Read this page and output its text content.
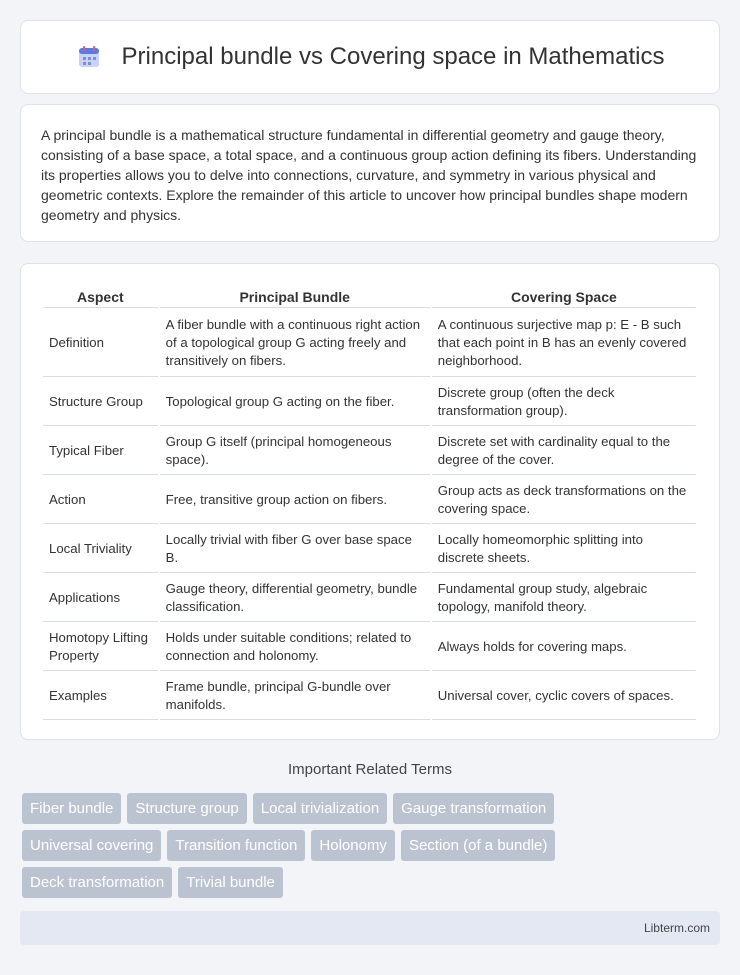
Principal bundle vs Covering space in Mathematics

A principal bundle is a mathematical structure fundamental in differential geometry and gauge theory, consisting of a base space, a total space, and a continuous group action defining its fibers. Understanding its properties allows you to delve into connections, curvature, and symmetry in various physical and geometric contexts. Explore the remainder of this article to uncover how principal bundles shape modern geometry and physics.

Aspect	Principal Bundle	Covering Space
Definition	A fiber bundle with a continuous right action of a topological group G acting freely and transitively on fibers.	A continuous surjective map p: E - B such that each point in B has an evenly covered neighborhood.
Structure Group	Topological group G acting on the fiber.	Discrete group (often the deck transformation group).
Typical Fiber	Group G itself (principal homogeneous space).	Discrete set with cardinality equal to the degree of the cover.
Action	Free, transitive group action on fibers.	Group acts as deck transformations on the covering space.
Local Triviality	Locally trivial with fiber G over base space B.	Locally homeomorphic splitting into discrete sheets.
Applications	Gauge theory, differential geometry, bundle classification.	Fundamental group study, algebraic topology, manifold theory.
Homotopy Lifting Property	Holds under suitable conditions; related to connection and holonomy.	Always holds for covering maps.
Examples	Frame bundle, principal G-bundle over manifolds.	Universal cover, cyclic covers of spaces.
Important Related Terms
Fiber bundle	Structure group	Local trivialization	Gauge transformation
Universal covering	Transition function	Holonomy	Section (of a bundle)
Deck transformation	Trivial bundle
Libterm.com
